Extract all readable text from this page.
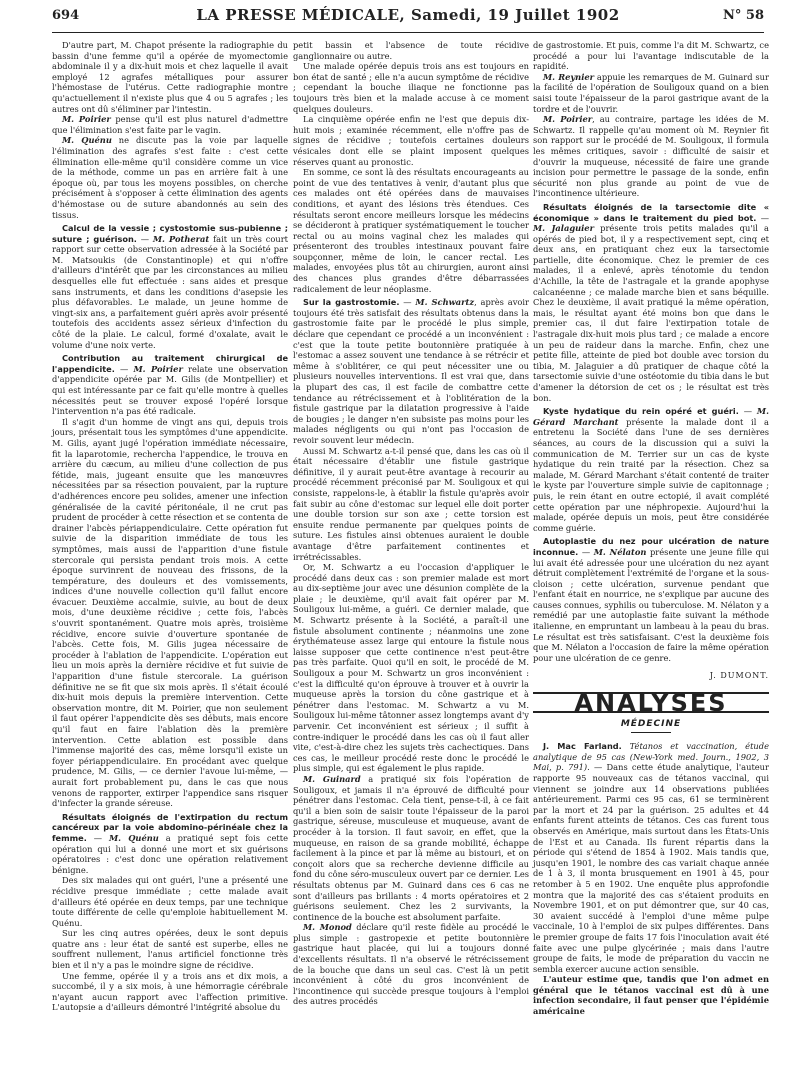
694	LA PRESSE MÉDICALE, Samedi, 19 Juillet 1902	N° 58

D'autre part, M. Chapot présente la radiographie du bassin d'une femme qu'il a opérée de myomectomie abdominale il y a dix-huit mois et chez laquelle il avait employé 12 agrafes métalliques pour assurer l'hémostase de l'utérus. Cette radiographie montre qu'actuellement il n'existe plus que 4 ou 5 agrafes ; les autres ont dû s'éliminer par l'intestin.

M. Poirier pense qu'il est plus naturel d'admettre que l'élimination s'est faite par le vagin.

M. Quénu ne discute pas la voie par laquelle l'élimination des agrafes s'est faite : c'est cette élimination elle-même qu'il considère comme un vice de la méthode, comme un pas en arrière fait à une époque où, par tous les moyens possibles, on cherche précisément à s'opposer à cette élimination des agents d'hémostase ou de suture abandonnés au sein des tissus.

Calcul de la vessie ; cystostomie sus-pubienne ; suture ; guérison. — M. Potherat fait un très court rapport sur cette observation adressée à la Société par M. Matsoukis (de Constantinople) et qui n'offre d'ailleurs d'intérêt que par les circonstances au milieu desquelles elle fut effectuée : sans aides et presque sans instruments, et dans les conditions d'asepsie les plus défavorables. Le malade, un jeune homme de vingt-six ans, a parfaitement guéri après avoir présenté toutefois des accidents assez sérieux d'infection du côté de la plaie. Le calcul, formé d'oxalate, avait le volume d'une noix verte.

Contribution au traitement chirurgical de l'appendicite. — M. Poirier relate une observation d'appendicite opérée par M. Gilis (de Montpellier) et qui est intéressante par ce fait qu'elle montre à quelles nécessités peut se trouver exposé l'opéré lorsque l'intervention n'a pas été radicale.

Il s'agit d'un homme de vingt ans qui, depuis trois jours, présentait tous les symptômes d'une appendicite. M. Gilis, ayant jugé l'opération immédiate nécessaire, fit la laparotomie, rechercha l'appendice, le trouva en arrière du cæcum, au milieu d'une collection de pus fétide, mais, jugeant ensuite que les manœuvres nécessitées par sa résection pouvaient, par la rupture d'adhérences encore peu solides, amener une infection généralisée de la cavité péritonéale, il ne crut pas prudent de procéder à cette résection et se contenta de drainer l'abcès périappendiculaire. Cette opération fut suivie de la disparition immédiate de tous les symptômes, mais aussi de l'apparition d'une fistule stercorale qui persista pendant trois mois. A cette époque survinrent de nouveau des frissons, de la température, des douleurs et des vomissements, indices d'une nouvelle collection qu'il fallut encore évacuer. Deuxième accalmie, suivie, au bout de deux mois, d'une deuxième récidive ; cette fois, l'abcès s'ouvrit spontanément. Quatre mois après, troisième récidive, encore suivie d'ouverture spontanée de l'abcès. Cette fois, M. Gilis jugea nécessaire de procéder à l'ablation de l'appendicite. L'opération eut lieu un mois après la dernière récidive et fut suivie de l'apparition d'une fistule stercorale. La guérison définitive ne se fit que six mois après. Il s'était écoulé dix-huit mois depuis la première intervention. Cette observation montre, dit M. Poirier, que non seulement il faut opérer l'appendicite dès ses débuts, mais encore qu'il faut en faire l'ablation dès la première intervention. Cette ablation est possible dans l'immense majorité des cas, même lorsqu'il existe un foyer périappendiculaire. En procédant avec quelque prudence, M. Gilis, — ce dernier l'avoue lui-même, — aurait fort probablement pu, dans le cas que nous venons de rapporter, extirper l'appendice sans risquer d'infecter la grande séreuse.

Résultats éloignés de l'extirpation du rectum cancéreux par la voie abdomino-périnéale chez la femme. — M. Quénu a pratiqué sept fois cette opération qui lui a donné une mort et six guérisons opératoires : c'est donc une opération relativement bénigne.

Des six malades qui ont guéri, l'une a présenté une récidive presque immédiate ; cette malade avait d'ailleurs été opérée en deux temps, par une technique toute différente de celle qu'emploie habituellement M. Quénu.

Sur les cinq autres opérées, deux le sont depuis quatre ans : leur état de santé est superbe, elles ne souffrent nullement, l'anus artificiel fonctionne très bien et il n'y a pas le moindre signe de récidive.

Une femme, opérée il y a trois ans et dix mois, a succombé, il y a six mois, à une hémorragie cérébrale n'ayant aucun rapport avec l'affection primitive. L'autopsie a d'ailleurs démontré l'intégrité absolue du

petit bassin et l'absence de toute récidive ganglionnaire ou autre.

Une malade opérée depuis trois ans est toujours en bon état de santé ; elle n'a aucun symptôme de récidive ; cependant la bouche iliaque ne fonctionne pas toujours très bien et la malade accuse à ce moment quelques douleurs.

La cinquième opérée enfin ne l'est que depuis dix-huit mois ; examinée récemment, elle n'offre pas de signes de récidive ; toutefois certaines douleurs vésicales dont elle se plaint imposent quelques réserves quant au pronostic.

En somme, ce sont là des résultats encourageants au point de vue des tentatives à venir, d'autant plus que ces malades ont été opérées dans de mauvaises conditions, et ayant des lésions très étendues. Ces résultats seront encore meilleurs lorsque les médecins se décideront à pratiquer systématiquement le toucher rectal ou au moins vaginal chez les malades qui présenteront des troubles intestinaux pouvant faire soupçonner, même de loin, le cancer rectal. Les malades, envoyées plus tôt au chirurgien, auront ainsi des chances plus grandes d'être débarrassées radicalement de leur néoplasme.

Sur la gastrostomie. — M. Schwartz, après avoir toujours été très satisfait des résultats obtenus dans la gastrostomie faite par le procédé le plus simple, déclare que cependant ce procédé a un inconvénient : c'est que la toute petite boutonnière pratiquée à l'estomac a assez souvent une tendance à se rétrécir et même à s'oblitérer, ce qui peut nécessiter une ou plusieurs nouvelles interventions. Il est vrai que, dans la plupart des cas, il est facile de combattre cette tendance au rétrécissement et à l'oblitération de la fistule gastrique par la dilatation progressive à l'aide de bougies ; le danger n'en subsiste pas moins pour les malades négligents ou qui n'ont pas l'occasion de revoir souvent leur médecin.

Aussi M. Schwartz a-t-il pensé que, dans les cas où il était nécessaire d'établir une fistule gastrique définitive, il y aurait peut-être avantage à recourir au procédé récemment préconisé par M. Souligoux et qui consiste, rappelons-le, à établir la fistule qu'après avoir fait subir au cône d'estomac sur lequel elle doit porter une double torsion sur son axe ; cette torsion est ensuite rendue permanente par quelques points de suture. Les fistules ainsi obtenues auraient le double avantage d'être parfaitement continentes et irrétrécissables.

Or, M. Schwartz a eu l'occasion d'appliquer le procédé dans deux cas : son premier malade est mort au dix-septième jour avec une désunion complète de la plaie ; le deuxième, qu'il avait fait opérer par M. Souligoux lui-même, a guéri. Ce dernier malade, que M. Schwartz présente à la Société, a paraît-il une fistule absolument continente ; néanmoins une zone érythémateuse assez large qui entoure la fistule nous laisse supposer que cette continence n'est peut-être pas très parfaite. Quoi qu'il en soit, le procédé de M. Souligoux a pour M. Schwartz un gros inconvénient : c'est la difficulté qu'on éprouve à trouver et à ouvrir la muqueuse après la torsion du cône gastrique et à pénétrer dans l'estomac. M. Schwartz a vu M. Souligoux lui-même tâtonner assez longtemps avant d'y parvenir. Cet inconvénient est sérieux ; il suffit à contre-indiquer le procédé dans les cas où il faut aller vite, c'est-à-dire chez les sujets très cachectiques. Dans ces cas, le meilleur procédé reste donc le procédé le plus simple, qui est également le plus rapide.

M. Guinard a pratiqué six fois l'opération de Souligoux, et jamais il n'a éprouvé de difficulté pour pénétrer dans l'estomac. Cela tient, pense-t-il, à ce fait qu'il a bien soin de saisir toute l'épaisseur de la paroi gastrique, séreuse, musculeuse et muqueuse, avant de procéder à la torsion. Il faut savoir, en effet, que la muqueuse, en raison de sa grande mobilité, échappe facilement à la pince et par là même au bistouri, et on conçoit alors que sa recherche devienne difficile au fond du cône séro-musculeux ouvert par ce dernier. Les résultats obtenus par M. Guinard dans ces 6 cas ne sont d'ailleurs pas brillants : 4 morts opératoires et 2 guérisons seulement. Chez les 2 survivants, la continence de la bouche est absolument parfaite.

M. Monod déclare qu'il reste fidèle au procédé le plus simple : gastropexie et petite boutonnière gastrique haut placée, qui lui a toujours donné d'excellents résultats. Il n'a observé le rétrécissement de la bouche que dans un seul cas. C'est là un petit inconvénient à côté du gros inconvénient de l'incontinence qui succède presque toujours à l'emploi des autres procédés

de gastrostomie. Et puis, comme l'a dit M. Schwartz, ce procédé a pour lui l'avantage indiscutable de la rapidité.

M. Reynier appuie les remarques de M. Guinard sur la facilité de l'opération de Souligoux quand on a bien saisi toute l'épaisseur de la paroi gastrique avant de la tordre et de l'ouvrir.

M. Poirier, au contraire, partage les idées de M. Schwartz. Il rappelle qu'au moment où M. Reynier fit son rapport sur le procédé de M. Souligoux, il formula les mêmes critiques, savoir : difficulté de saisir et d'ouvrir la muqueuse, nécessité de faire une grande incision pour permettre le passage de la sonde, enfin sécurité non plus grande au point de vue de l'incontinence ultérieure.

Résultats éloignés de la tarsectomie dite « économique » dans le traitement du pied bot. — M. Jalaguier présente trois petits malades qu'il a opérés de pied bot, il y a respectivement sept, cinq et deux ans, en pratiquant chez eux la tarsectomie partielle, dite économique. Chez le premier de ces malades, il a enlevé, après ténotomie du tendon d'Achille, la tête de l'astragale et la grande apophyse calcanéenne ; ce malade marche bien et sans béquille. Chez le deuxième, il avait pratiqué la même opération, mais, le résultat ayant été moins bon que dans le premier cas, il dut faire l'extirpation totale de l'astragale dix-huit mois plus tard ; ce malade a encore un peu de raideur dans la marche. Enfin, chez une petite fille, atteinte de pied bot double avec torsion du tibia, M. Jalaguier a dû pratiquer de chaque côté la tarsectomie suivie d'une ostéotomie du tibia dans le but d'amener la détorsion de cet os ; le résultat est très bon.

Kyste hydatique du rein opéré et guéri. — M. Gérard Marchant présente la malade dont il a entretenu la Société dans l'une de ses dernières séances, au cours de la discussion qui a suivi la communication de M. Terrier sur un cas de kyste hydatique du rein traité par la résection. Chez sa malade, M. Gérard Marchant s'était contenté de traiter le kyste par l'ouverture simple suivie de capitonnage ; puis, le rein étant en outre ectopié, il avait complété cette opération par une néphropexie. Aujourd'hui la malade, opérée depuis un mois, peut être considérée comme guérie.

Autoplastie du nez pour ulcération de nature inconnue. — M. Nélaton présente une jeune fille qui lui avait été adressée pour une ulcération du nez ayant détruit complètement l'extrémité de l'organe et la sous-cloison ; cette ulcération, survenue pendant que l'enfant était en nourrice, ne s'explique par aucune des causes connues, syphilis ou tuberculose. M. Nélaton y a remédié par une autoplastie faite suivant la méthode italienne, en empruntant un lambeau à la peau du bras. Le résultat est très satisfaisant. C'est la deuxième fois que M. Nélaton a l'occasion de faire la même opération pour une ulcération de ce genre.

J. DUMONT.
ANALYSES
MÉDECINE

J. Mac Farland. Tétanos et vaccination, étude analytique de 95 cas (New-York med. Journ., 1902, 3 Mai, p. 791). — Dans cette étude analytique, l'auteur rapporte 95 nouveaux cas de tétanos vaccinal, qui viennent se joindre aux 14 observations publiées antérieurement. Parmi ces 95 cas, 61 se terminèrent par la mort et 24 par la guérison. 25 adultes et 44 enfants furent atteints de tétanos. Ces cas furent tous observés en Amérique, mais surtout dans les États-Unis de l'Est et au Canada. Ils furent répartis dans la période qui s'étend de 1854 à 1902. Mais tandis que, jusqu'en 1901, le nombre des cas variait chaque année de 1 à 3, il monta brusquement en 1901 à 45, pour retomber à 5 en 1902. Une enquête plus approfondie montra que la majorité des cas s'étaient produits en Novembre 1901, et on put démontrer que, sur 40 cas, 30 avaient succédé à l'emploi d'une même pulpe vaccinale, 10 à l'emploi de six pulpes différentes. Dans le premier groupe de faits 17 fois l'inoculation avait été faite avec une pulpe glycérinée ; mais dans l'autre groupe de faits, le mode de préparation du vaccin ne sembla exercer aucune action sensible.

L'auteur estime que, tandis que l'on admet en général que le tétanos vaccinal est dû à une infection secondaire, il faut penser que l'épidémie américaine
